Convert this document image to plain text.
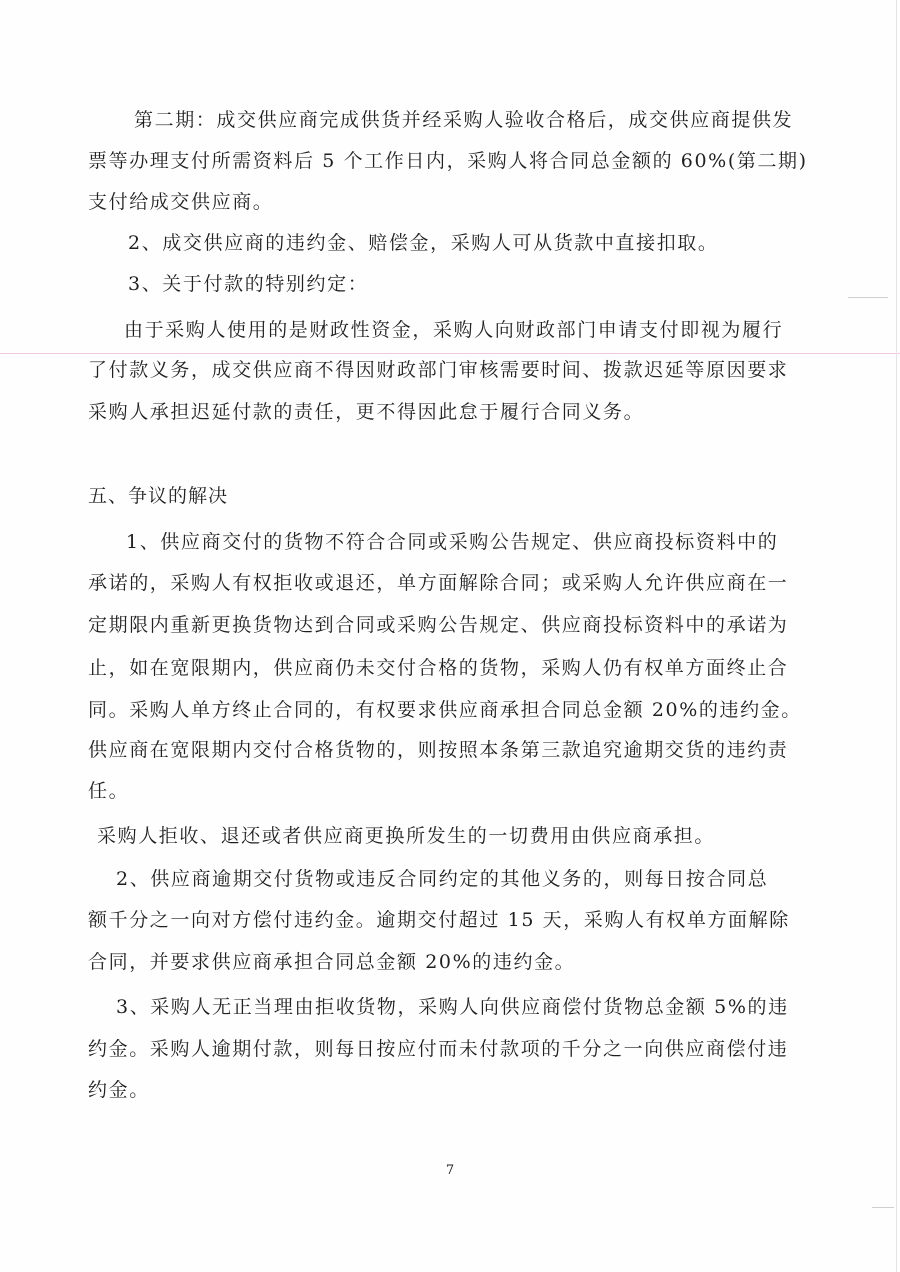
第二期：成交供应商完成供货并经采购人验收合格后，成交供应商提供发
票等办理支付所需资料后 5 个工作日内，采购人将合同总金额的 60%(第二期)
支付给成交供应商。
2、成交供应商的违约金、赔偿金，采购人可从货款中直接扣取。
3、关于付款的特别约定：
由于采购人使用的是财政性资金，采购人向财政部门申请支付即视为履行
了付款义务，成交供应商不得因财政部门审核需要时间、拨款迟延等原因要求
采购人承担迟延付款的责任，更不得因此怠于履行合同义务。
五、争议的解决
1、供应商交付的货物不符合合同或采购公告规定、供应商投标资料中的
承诺的，采购人有权拒收或退还，单方面解除合同；或采购人允许供应商在一
定期限内重新更换货物达到合同或采购公告规定、供应商投标资料中的承诺为
止，如在宽限期内，供应商仍未交付合格的货物，采购人仍有权单方面终止合
同。采购人单方终止合同的，有权要求供应商承担合同总金额 20%的违约金。
供应商在宽限期内交付合格货物的，则按照本条第三款追究逾期交货的违约责
任。
采购人拒收、退还或者供应商更换所发生的一切费用由供应商承担。
2、供应商逾期交付货物或违反合同约定的其他义务的，则每日按合同总
额千分之一向对方偿付违约金。逾期交付超过 15 天，采购人有权单方面解除
合同，并要求供应商承担合同总金额 20%的违约金。
3、采购人无正当理由拒收货物，采购人向供应商偿付货物总金额 5%的违
约金。采购人逾期付款，则每日按应付而未付款项的千分之一向供应商偿付违
约金。
7
